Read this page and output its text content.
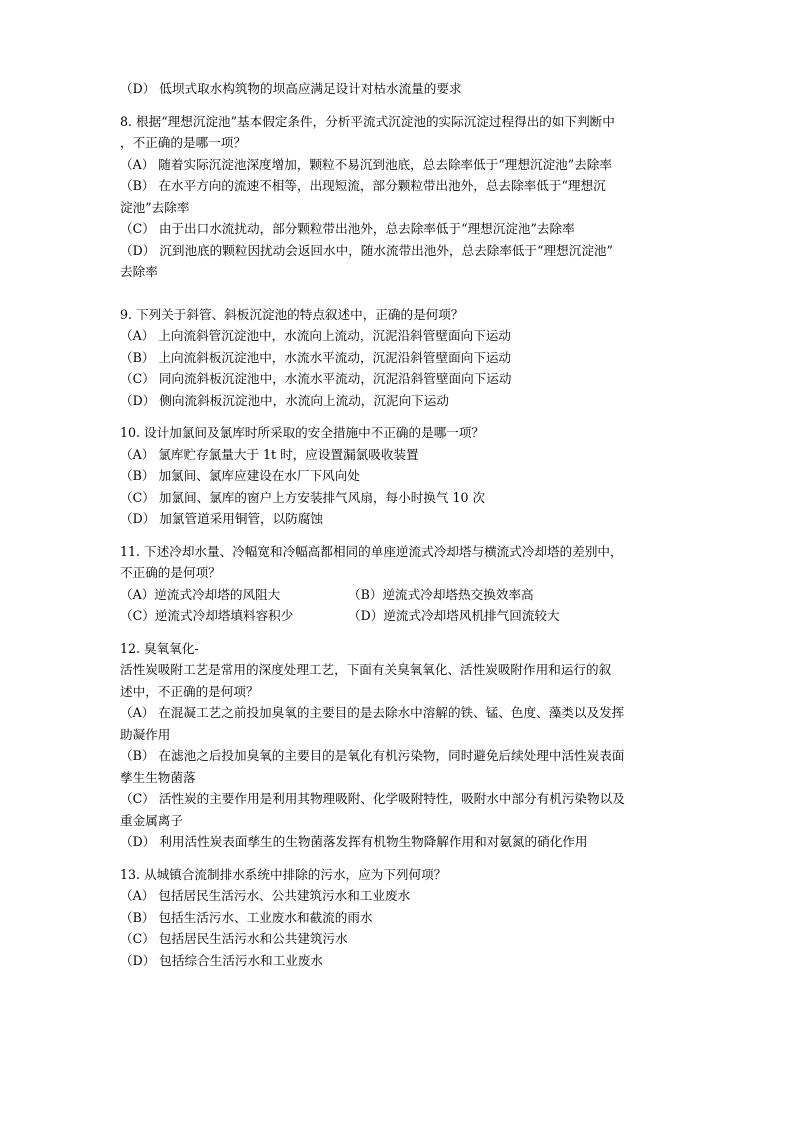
（D） 低坝式取水构筑物的坝高应满足设计对枯水流量的要求
8. 根据“理想沉淀池”基本假定条件，分析平流式沉淀池的实际沉淀过程得出的如下判断中
，不正确的是哪一项？
（A） 随着实际沉淀池深度增加，颗粒不易沉到池底，总去除率低于“理想沉淀池”去除率
（B） 在水平方向的流速不相等，出现短流，部分颗粒带出池外，总去除率低于“理想沉
淀池”去除率
（C） 由于出口水流扰动，部分颗粒带出池外，总去除率低于“理想沉淀池”去除率
（D） 沉到池底的颗粒因扰动会返回水中，随水流带出池外，总去除率低于“理想沉淀池”
去除率
9. 下列关于斜管、斜板沉淀池的特点叙述中，正确的是何项？
（A） 上向流斜管沉淀池中，水流向上流动，沉泥沿斜管壁面向下运动
（B） 上向流斜板沉淀池中，水流水平流动，沉泥沿斜管壁面向下运动
（C） 同向流斜板沉淀池中，水流水平流动，沉泥沿斜管壁面向下运动
（D） 侧向流斜板沉淀池中，水流向上流动，沉泥向下运动
10. 设计加氯间及氯库时所采取的安全措施中不正确的是哪一项？
（A） 氯库贮存氯量大于 1t 时，应设置漏氯吸收装置
（B） 加氯间、氯库应建设在水厂下风向处
（C） 加氯间、氯库的窗户上方安装排气风扇，每小时换气 10 次
（D） 加氯管道采用铜管，以防腐蚀
11. 下述冷却水量、冷幅宽和冷幅高都相同的单座逆流式冷却塔与横流式冷却塔的差别中，
不正确的是何项？
（A）逆流式冷却塔的风阻大	（B）逆流式冷却塔热交换效率高
（C）逆流式冷却塔填料容积少	（D）逆流式冷却塔风机排气回流较大
12. 臭氧氧化-
活性炭吸附工艺是常用的深度处理工艺，下面有关臭氧氧化、活性炭吸附作用和运行的叙
述中，不正确的是何项？
（A） 在混凝工艺之前投加臭氧的主要目的是去除水中溶解的铁、锰、色度、藻类以及发挥
助凝作用
（B） 在滤池之后投加臭氧的主要目的是氧化有机污染物，同时避免后续处理中活性炭表面
孳生生物菌落
（C） 活性炭的主要作用是利用其物理吸附、化学吸附特性，吸附水中部分有机污染物以及
重金属离子
（D） 利用活性炭表面孳生的生物菌落发挥有机物生物降解作用和对氨氮的硝化作用
13. 从城镇合流制排水系统中排除的污水，应为下列何项？
（A） 包括居民生活污水、公共建筑污水和工业废水
（B） 包括生活污水、工业废水和截流的雨水
（C） 包括居民生活污水和公共建筑污水
（D） 包括综合生活污水和工业废水
